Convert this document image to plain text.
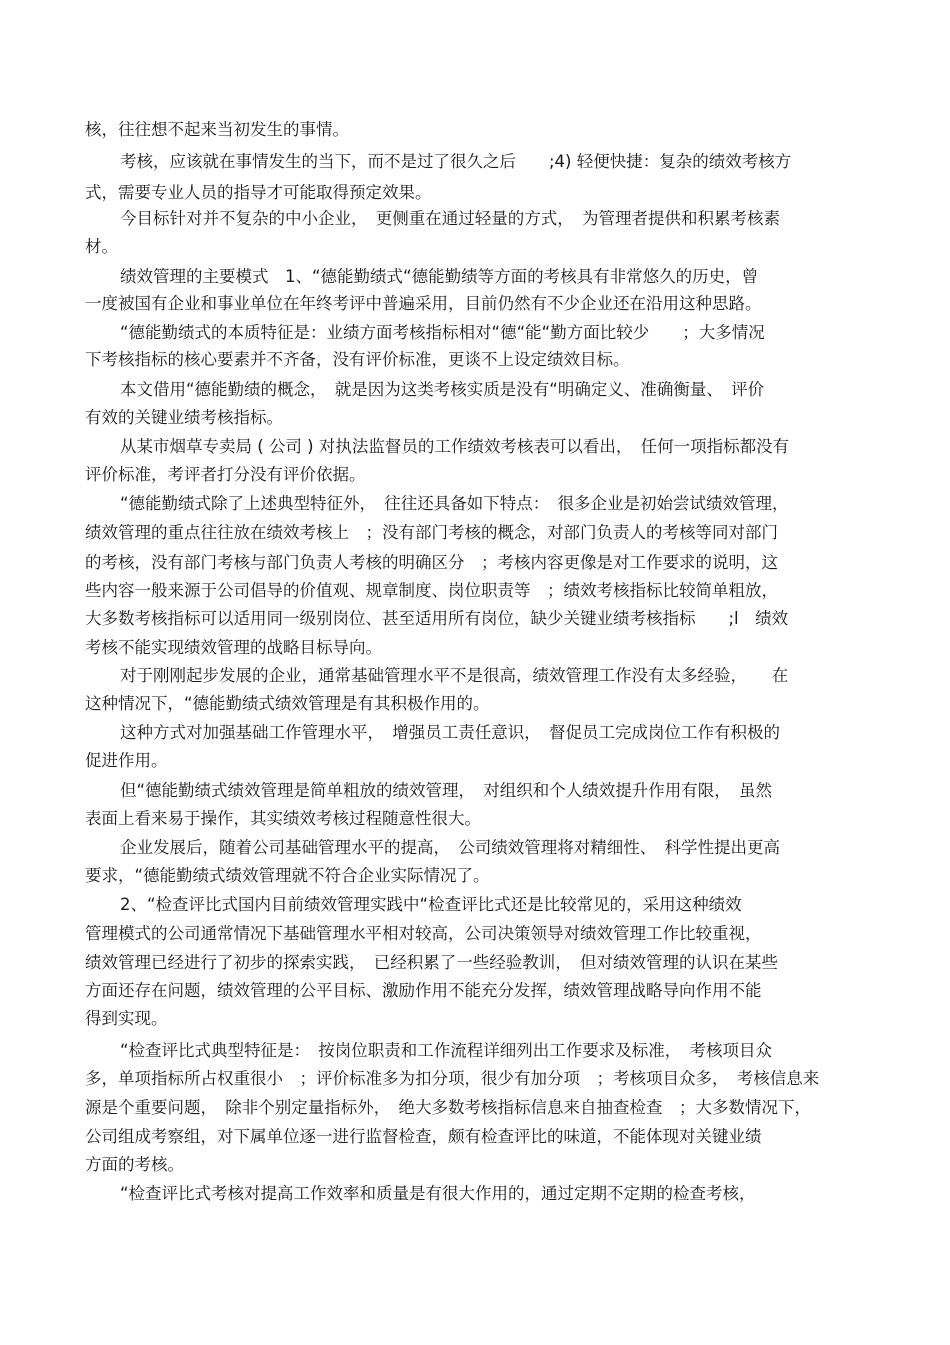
核，往往想不起来当初发生的事情。

考核，应该就在事情发生的当下，而不是过了很久之后　　;4) 轻便快捷：复杂的绩效考核方

式，需要专业人员的指导才可能取得预定效果。

今目标针对并不复杂的中小企业，　更侧重在通过轻量的方式，　为管理者提供和积累考核素

材。

绩效管理的主要模式　1、“德能勤绩式“德能勤绩等方面的考核具有非常悠久的历史，曾

一度被国有企业和事业单位在年终考评中普遍采用，目前仍然有不少企业还在沿用这种思路。

“德能勤绩式的本质特征是：业绩方面考核指标相对“德“能“勤方面比较少　　；大多情况

下考核指标的核心要素并不齐备，没有评价标准，更谈不上设定绩效目标。

本文借用“德能勤绩的概念，　就是因为这类考核实质是没有“明确定义、准确衡量、　评价

有效的关键业绩考核指标。

从某市烟草专卖局 ( 公司 ) 对执法监督员的工作绩效考核表可以看出，　任何一项指标都没有

评价标准，考评者打分没有评价依据。

“德能勤绩式除了上述典型特征外，　往往还具备如下特点：　很多企业是初始尝试绩效管理，

绩效管理的重点往往放在绩效考核上　；没有部门考核的概念，对部门负责人的考核等同对部门

的考核，没有部门考核与部门负责人考核的明确区分　；考核内容更像是对工作要求的说明，这

些内容一般来源于公司倡导的价值观、规章制度、岗位职责等　；绩效考核指标比较简单粗放，

大多数考核指标可以适用同一级别岗位、甚至适用所有岗位，缺少关键业绩考核指标　　;l　绩效

考核不能实现绩效管理的战略目标导向。

对于刚刚起步发展的企业，通常基础管理水平不是很高，绩效管理工作没有太多经验，　　在

这种情况下，“德能勤绩式绩效管理是有其积极作用的。

这种方式对加强基础工作管理水平，　增强员工责任意识，　督促员工完成岗位工作有积极的

促进作用。

但“德能勤绩式绩效管理是简单粗放的绩效管理，　对组织和个人绩效提升作用有限，　虽然

表面上看来易于操作，其实绩效考核过程随意性很大。

企业发展后，随着公司基础管理水平的提高，　公司绩效管理将对精细性、　科学性提出更高

要求，“德能勤绩式绩效管理就不符合企业实际情况了。

2、“检查评比式国内目前绩效管理实践中“检查评比式还是比较常见的，采用这种绩效

管理模式的公司通常情况下基础管理水平相对较高，公司决策领导对绩效管理工作比较重视，

绩效管理已经进行了初步的探索实践，　已经积累了一些经验教训，　但对绩效管理的认识在某些

方面还存在问题，绩效管理的公平目标、激励作用不能充分发挥，绩效管理战略导向作用不能

得到实现。

“检查评比式典型特征是：　按岗位职责和工作流程详细列出工作要求及标准，　考核项目众

多，单项指标所占权重很小　；评价标准多为扣分项，很少有加分项　；考核项目众多，　考核信息来

源是个重要问题，　除非个别定量指标外，　绝大多数考核指标信息来自抽查检查　；大多数情况下，

公司组成考察组，对下属单位逐一进行监督检查，颇有检查评比的味道，不能体现对关键业绩

方面的考核。

“检查评比式考核对提高工作效率和质量是有很大作用的，通过定期不定期的检查考核，
